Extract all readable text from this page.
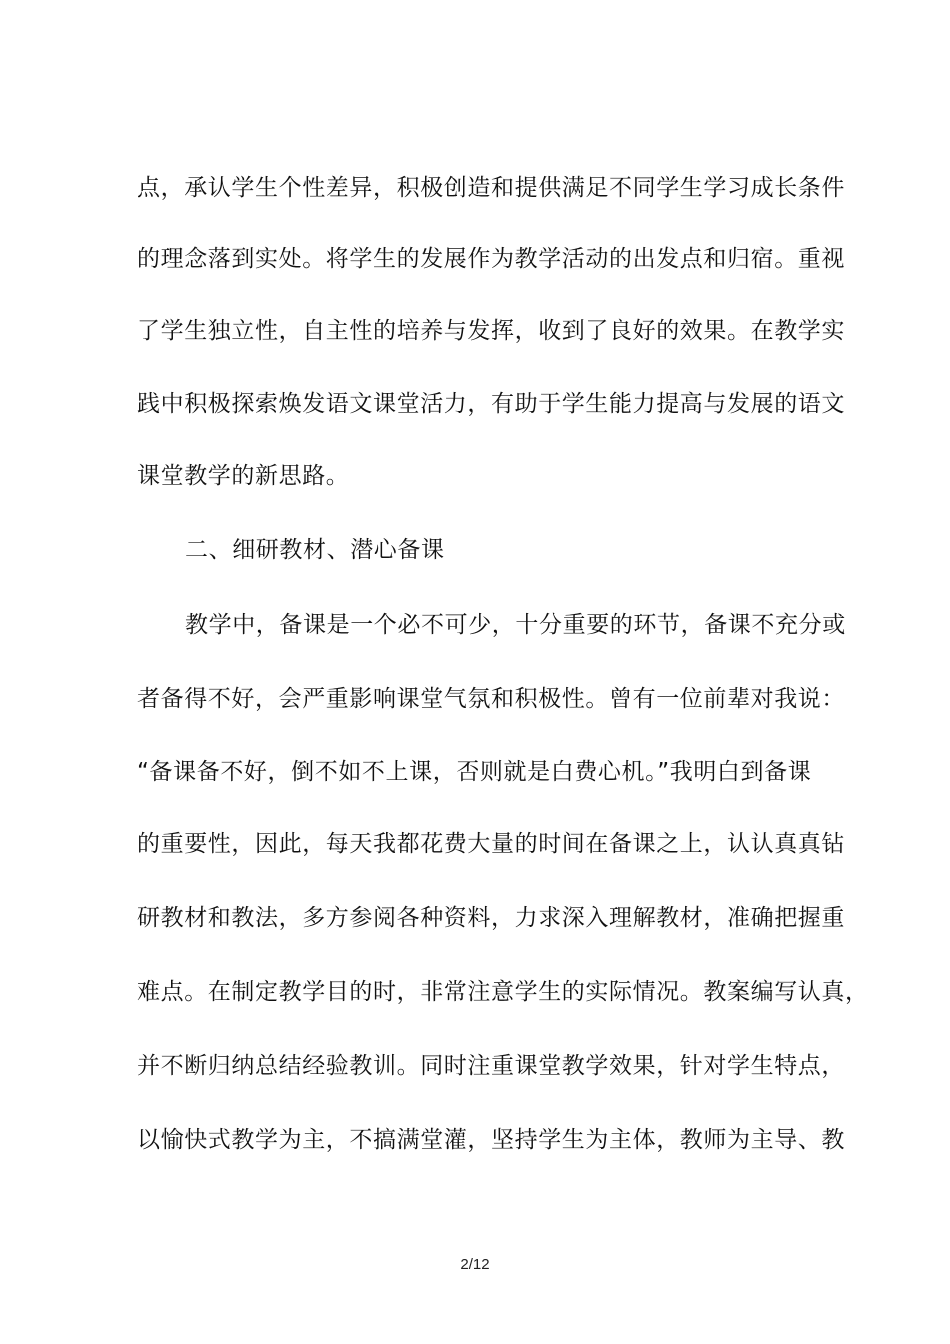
点，承认学生个性差异，积极创造和提供满足不同学生学习成长条件
的理念落到实处。将学生的发展作为教学活动的出发点和归宿。重视
了学生独立性，自主性的培养与发挥，收到了良好的效果。在教学实
践中积极探索焕发语文课堂活力，有助于学生能力提高与发展的语文
课堂教学的新思路。
二、细研教材、潜心备课
教学中，备课是一个必不可少，十分重要的环节，备课不充分或
者备得不好，会严重影响课堂气氛和积极性。曾有一位前辈对我说：
“备课备不好，倒不如不上课，否则就是白费心机。”我明白到备课
的重要性，因此，每天我都花费大量的时间在备课之上，认认真真钻
研教材和教法，多方参阅各种资料，力求深入理解教材，准确把握重
难点。在制定教学目的时，非常注意学生的实际情况。教案编写认真，
并不断归纳总结经验教训。同时注重课堂教学效果，针对学生特点，
以愉快式教学为主，不搞满堂灌，坚持学生为主体，教师为主导、教
2/12
